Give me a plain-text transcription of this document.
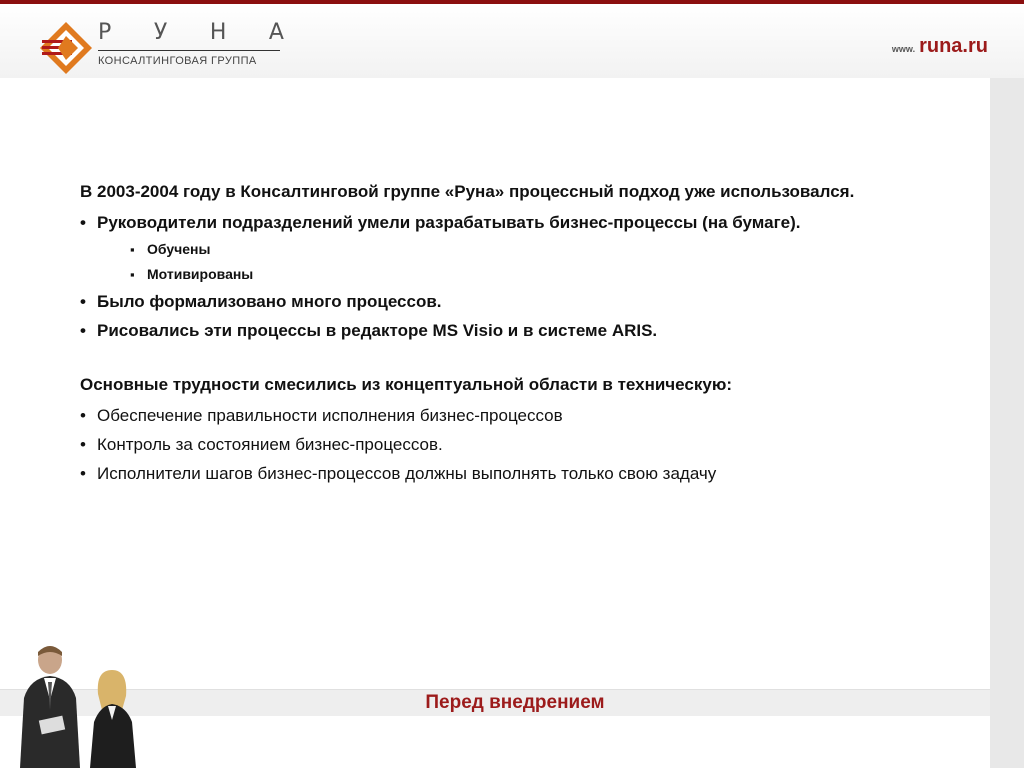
Р У Н А
КОНСАЛТИНГОВАЯ ГРУППА
www. runa.ru

В 2003-2004 году в Консалтинговой группе «Руна» процессный подход уже использовался.

• Руководители подразделений умели разрабатывать бизнес-процессы (на бумаге).
▪ Обучены
▪ Мотивированы
• Было формализовано много процессов.
• Рисовались эти процессы в редакторе MS Visio и в системе ARIS.

Основные трудности смесились из концептуальной области в техническую:

• Обеспечение правильности исполнения бизнес-процессов
• Контроль за состоянием бизнес-процессов.
• Исполнители шагов бизнес-процессов должны выполнять только свою задачу
Перед внедрением
